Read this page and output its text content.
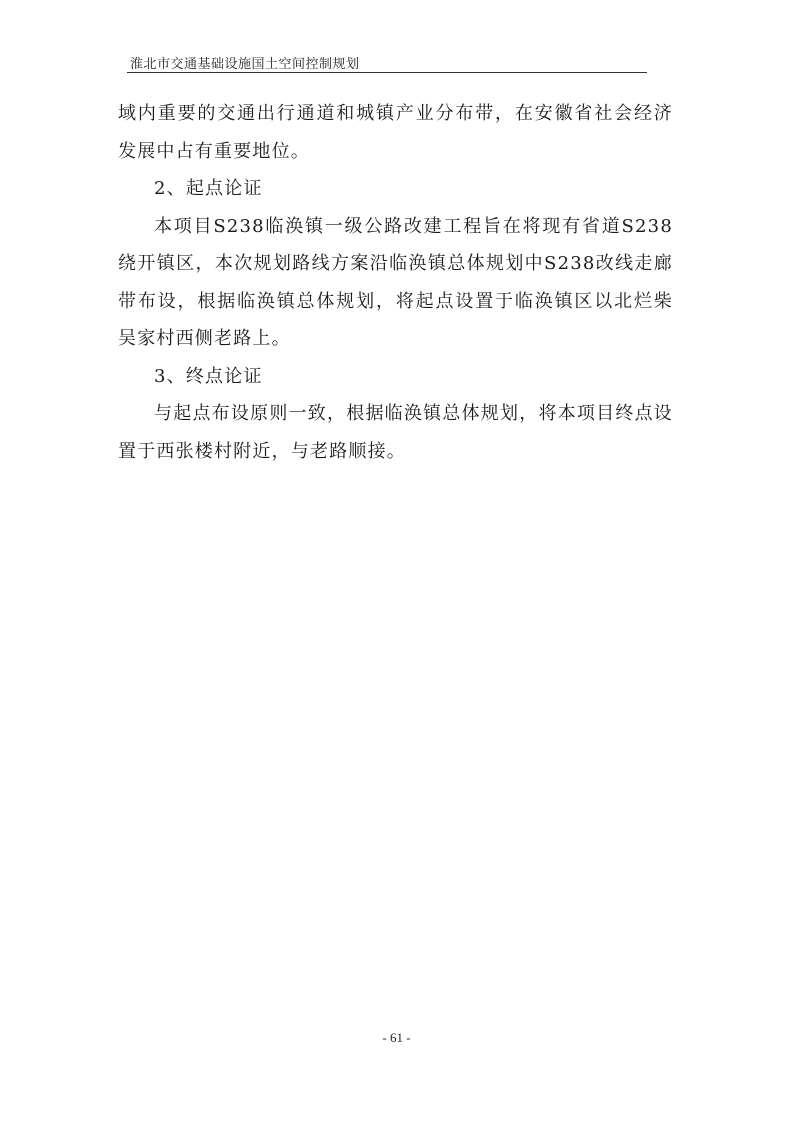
淮北市交通基础设施国土空间控制规划

域内重要的交通出行通道和城镇产业分布带，在安徽省社会经济发展中占有重要地位。

2、起点论证

本项目S238临涣镇一级公路改建工程旨在将现有省道S238绕开镇区，本次规划路线方案沿临涣镇总体规划中S238改线走廊带布设，根据临涣镇总体规划，将起点设置于临涣镇区以北烂柴吴家村西侧老路上。

3、终点论证

与起点布设原则一致，根据临涣镇总体规划，将本项目终点设置于西张楼村附近，与老路顺接。

- 61 -
